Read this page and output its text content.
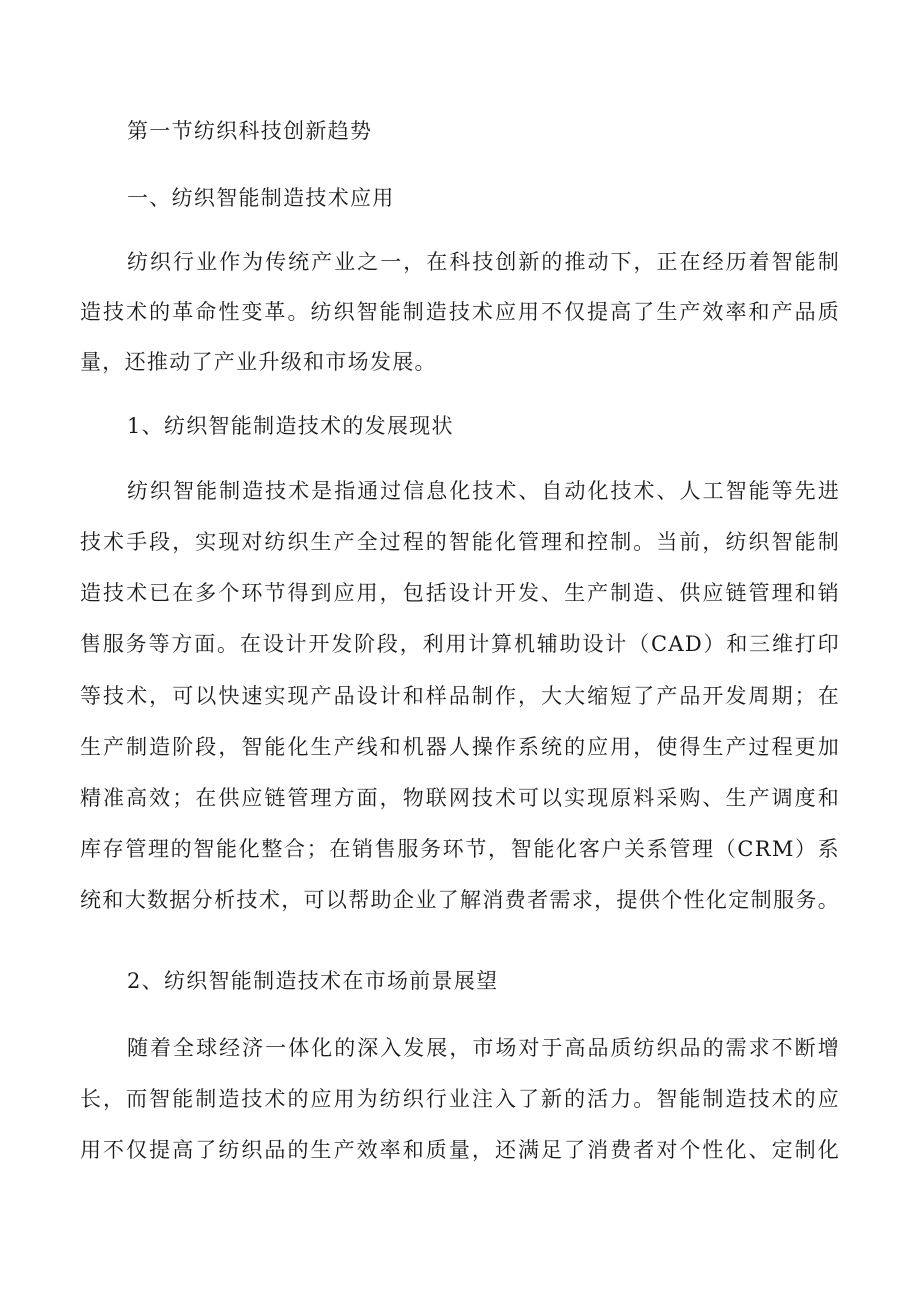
第一节纺织科技创新趋势
一、纺织智能制造技术应用
纺织行业作为传统产业之一，在科技创新的推动下，正在经历着智能制
造技术的革命性变革。纺织智能制造技术应用不仅提高了生产效率和产品质
量，还推动了产业升级和市场发展。
1、纺织智能制造技术的发展现状
纺织智能制造技术是指通过信息化技术、自动化技术、人工智能等先进
技术手段，实现对纺织生产全过程的智能化管理和控制。当前，纺织智能制
造技术已在多个环节得到应用，包括设计开发、生产制造、供应链管理和销
售服务等方面。在设计开发阶段，利用计算机辅助设计（CAD）和三维打印
等技术，可以快速实现产品设计和样品制作，大大缩短了产品开发周期；在
生产制造阶段，智能化生产线和机器人操作系统的应用，使得生产过程更加
精准高效；在供应链管理方面，物联网技术可以实现原料采购、生产调度和
库存管理的智能化整合；在销售服务环节，智能化客户关系管理（CRM）系
统和大数据分析技术，可以帮助企业了解消费者需求，提供个性化定制服务。
2、纺织智能制造技术在市场前景展望
随着全球经济一体化的深入发展，市场对于高品质纺织品的需求不断增
长，而智能制造技术的应用为纺织行业注入了新的活力。智能制造技术的应
用不仅提高了纺织品的生产效率和质量，还满足了消费者对个性化、定制化
